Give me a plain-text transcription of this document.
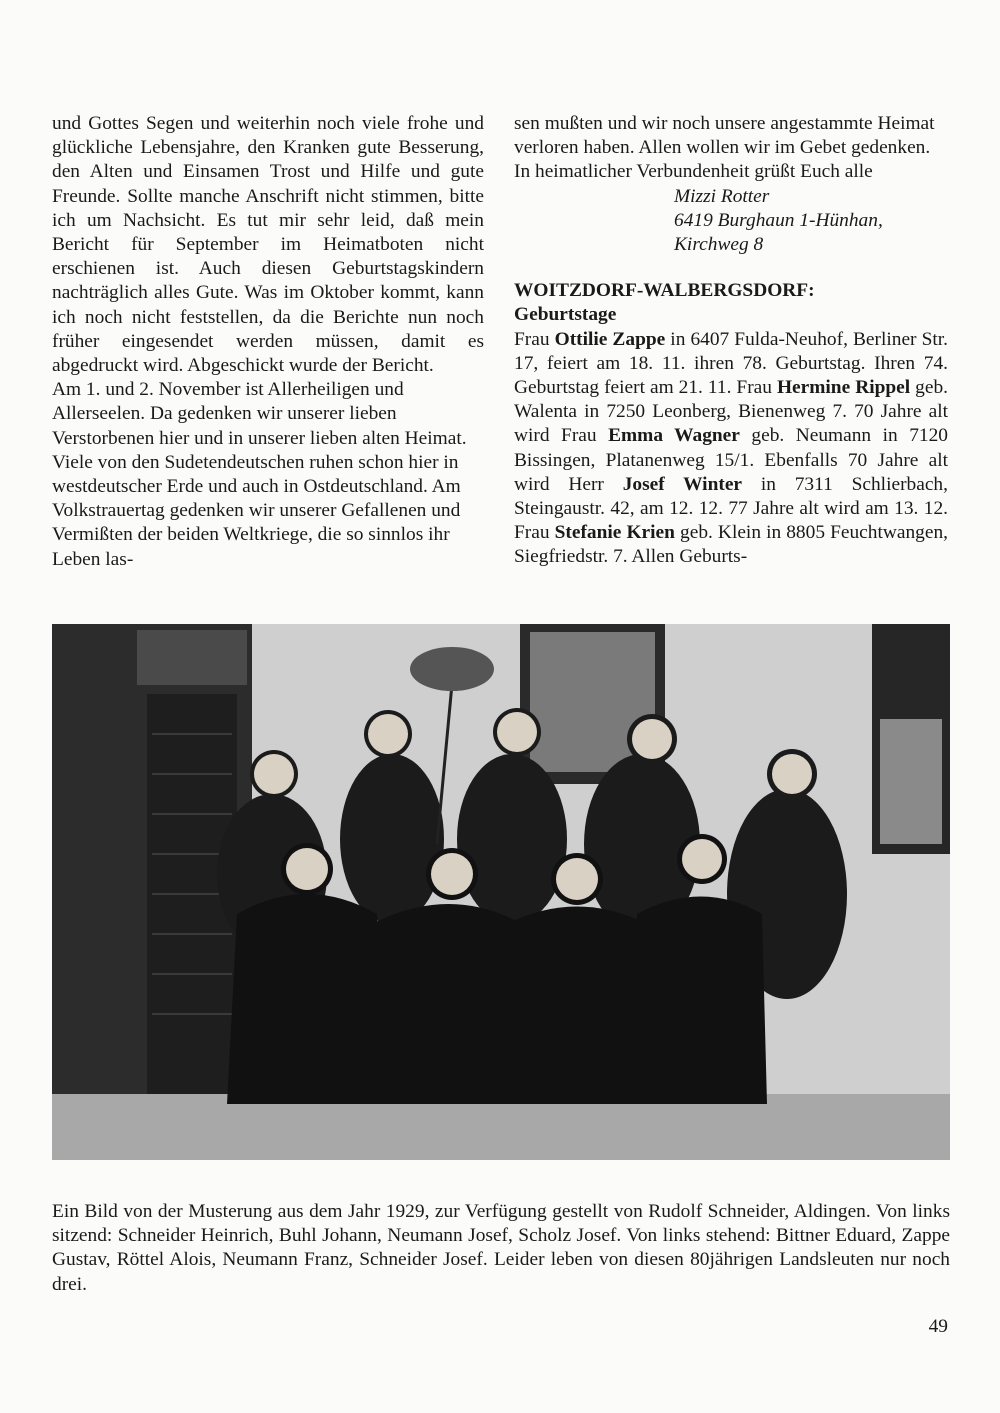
und Gottes Segen und weiterhin noch viele frohe und glückliche Lebensjahre, den Kranken gute Besserung, den Alten und Einsamen Trost und Hilfe und gute Freunde. Sollte manche Anschrift nicht stimmen, bitte ich um Nachsicht. Es tut mir sehr leid, daß mein Bericht für September im Heimatboten nicht erschienen ist. Auch diesen Geburtstagskindern nachträglich alles Gute. Was im Oktober kommt, kann ich noch nicht feststellen, da die Berichte nun noch früher eingesendet werden müssen, damit es abgedruckt wird. Abgeschickt wurde der Bericht.

Am 1. und 2. November ist Allerheiligen und Allerseelen. Da gedenken wir unserer lieben Verstorbenen hier und in unserer lieben alten Heimat. Viele von den Sudetendeutschen ruhen schon hier in westdeutscher Erde und auch in Ostdeutschland. Am Volkstrauertag gedenken wir unserer Gefallenen und Vermißten der beiden Weltkriege, die so sinnlos ihr Leben las-

sen mußten und wir noch unsere angestammte Heimat verloren haben. Allen wollen wir im Gebet gedenken. In heimatlicher Verbundenheit grüßt Euch alle

Mizzi Rotter
6419 Burghaun 1-Hünhan,
Kirchweg 8
WOITZDORF-WALBERGSDORF:
Geburtstage

Frau Ottilie Zappe in 6407 Fulda-Neuhof, Berliner Str. 17, feiert am 18. 11. ihren 78. Geburtstag. Ihren 74. Geburtstag feiert am 21. 11. Frau Hermine Rippel geb. Walenta in 7250 Leonberg, Bienenweg 7. 70 Jahre alt wird Frau Emma Wagner geb. Neumann in 7120 Bissingen, Platanenweg 15/1. Ebenfalls 70 Jahre alt wird Herr Josef Winter in 7311 Schlierbach, Steingaustr. 42, am 12. 12. 77 Jahre alt wird am 13. 12. Frau Stefanie Krien geb. Klein in 8805 Feuchtwangen, Siegfriedstr. 7. Allen Geburts-

Ein Bild von der Musterung aus dem Jahr 1929, zur Verfügung gestellt von Rudolf Schneider, Aldingen. Von links sitzend: Schneider Heinrich, Buhl Johann, Neumann Josef, Scholz Josef. Von links stehend: Bittner Eduard, Zappe Gustav, Röttel Alois, Neumann Franz, Schneider Josef. Leider leben von diesen 80jährigen Landsleuten nur noch drei.
49
